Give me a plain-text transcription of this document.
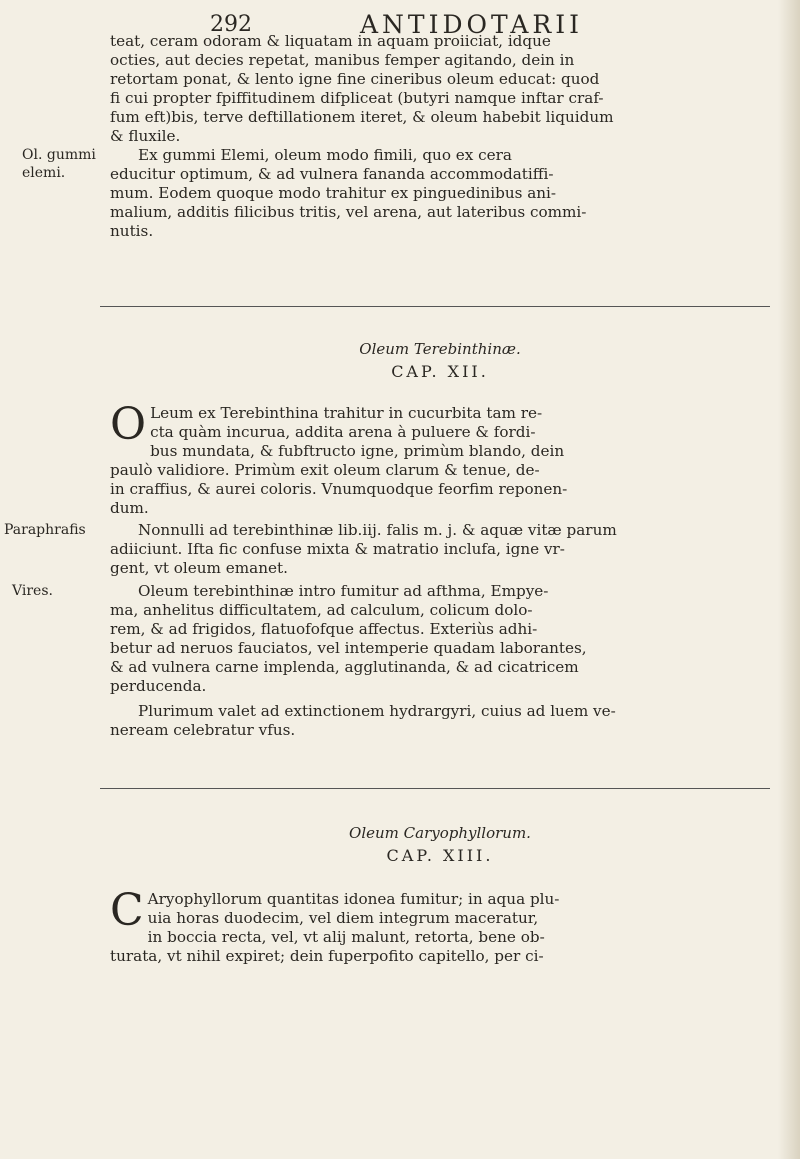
292	ANTIDOTARII
teat, ceram odoram & liquatam in aquam proiiciat, idque
octies, aut decies repetat, manibus femper agitando, dein in
retortam ponat, & lento igne fine cineribus oleum educat: quod
fi cui propter fpiffitudinem difpliceat (butyri namque inftar craf-
fum eft)bis, terve deftillationem iteret, & oleum habebit liquidum
& fluxile.
Ol. gummi elemi.
Ex gummi Elemi, oleum modo fimili, quo ex cera
educitur optimum, & ad vulnera fananda accommodatiffi-
mum. Eodem quoque modo trahitur ex pinguedinibus ani-
malium, additis filicibus tritis, vel arena, aut lateribus commi-
nutis.
Oleum Terebinthinæ.
CAP. XII.
O Leum ex Terebinthina trahitur in cucurbita tam re-
cta quàm incurua, addita arena à puluere & fordi-
bus mundata, & fubftructo igne, primùm blando, dein
paulò validiore. Primùm exit oleum clarum & tenue, de-
in craffius, & aurei coloris. Vnumquodque feorfim reponen-
dum.
Paraphrafis	Nonnulli ad terebinthinæ lib.iij. falis m. j. & aquæ vitæ parum
adiiciunt. Ifta fic confuse mixta & matratio inclufa, igne vr-
gent, vt oleum emanet.
Vires.	Oleum terebinthinæ intro fumitur ad afthma, Empye-
ma, anhelitus difficultatem, ad calculum, colicum dolo-
rem, & ad frigidos, flatuofofque affectus. Exteriùs adhi-
betur ad neruos fauciatos, vel intemperie quadam laborantes,
& ad vulnera carne implenda, agglutinanda, & ad cicatricem
perducenda.
Plurimum valet ad extinctionem hydrargyri, cuius ad luem ve-
neream celebratur vfus.
Oleum Caryophyllorum.
CAP. XIII.
C Aryophyllorum quantitas idonea fumitur; in aqua plu-
uia horas duodecim, vel diem integrum maceratur,
in boccia recta, vel, vt alij malunt, retorta, bene ob-
turata, vt nihil expiret; dein fuperpofito capitello, per ci-
